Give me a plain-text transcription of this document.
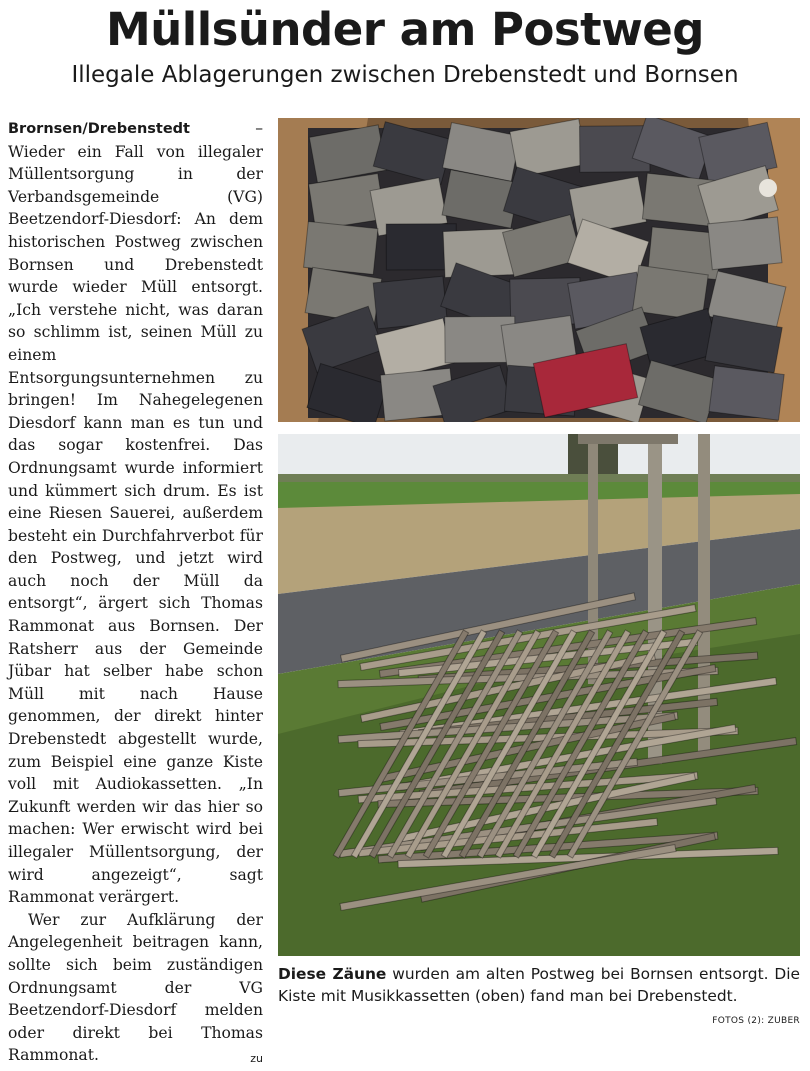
Müllsünder am Postweg
Illegale Ablagerungen zwischen Drebenstedt und Bornsen

Brornsen/Drebenstedt – Wieder ein Fall von illegaler Müllentsorgung in der Verbandsgemeinde (VG) Beetzendorf-Diesdorf: An dem historischen Postweg zwischen Bornsen und Drebenstedt wurde wieder Müll entsorgt. „Ich verstehe nicht, was daran so schlimm ist, seinen Müll zu einem Entsorgungsunternehmen zu bringen! Im Nahegelegenen Diesdorf kann man es tun und das sogar kostenfrei. Das Ordnungsamt wurde informiert und kümmert sich drum. Es ist eine Riesen Sauerei, außerdem besteht ein Durchfahrverbot für den Postweg, und jetzt wird auch noch der Müll da entsorgt“, ärgert sich Thomas Rammonat aus Bornsen. Der Ratsherr aus der Gemeinde Jübar hat selber habe schon Müll mit nach Hause genommen, der direkt hinter Drebenstedt abgestellt wurde, zum Beispiel eine ganze Kiste voll mit Audiokassetten. „In Zukunft werden wir das hier so machen: Wer erwischt wird bei illegaler Müllentsorgung, der wird angezeigt“, sagt Rammonat verärgert.

Wer zur Aufklärung der Angelegenheit beitragen kann, sollte sich beim zuständigen Ordnungsamt der VG Beetzendorf-Diesdorf melden oder direkt bei Thomas Rammonat.	zu

Diese Zäune wurden am alten Postweg bei Bornsen entsorgt. Die Kiste mit Musikkassetten (oben) fand man bei Drebenstedt.
FOTOS (2): ZUBER
